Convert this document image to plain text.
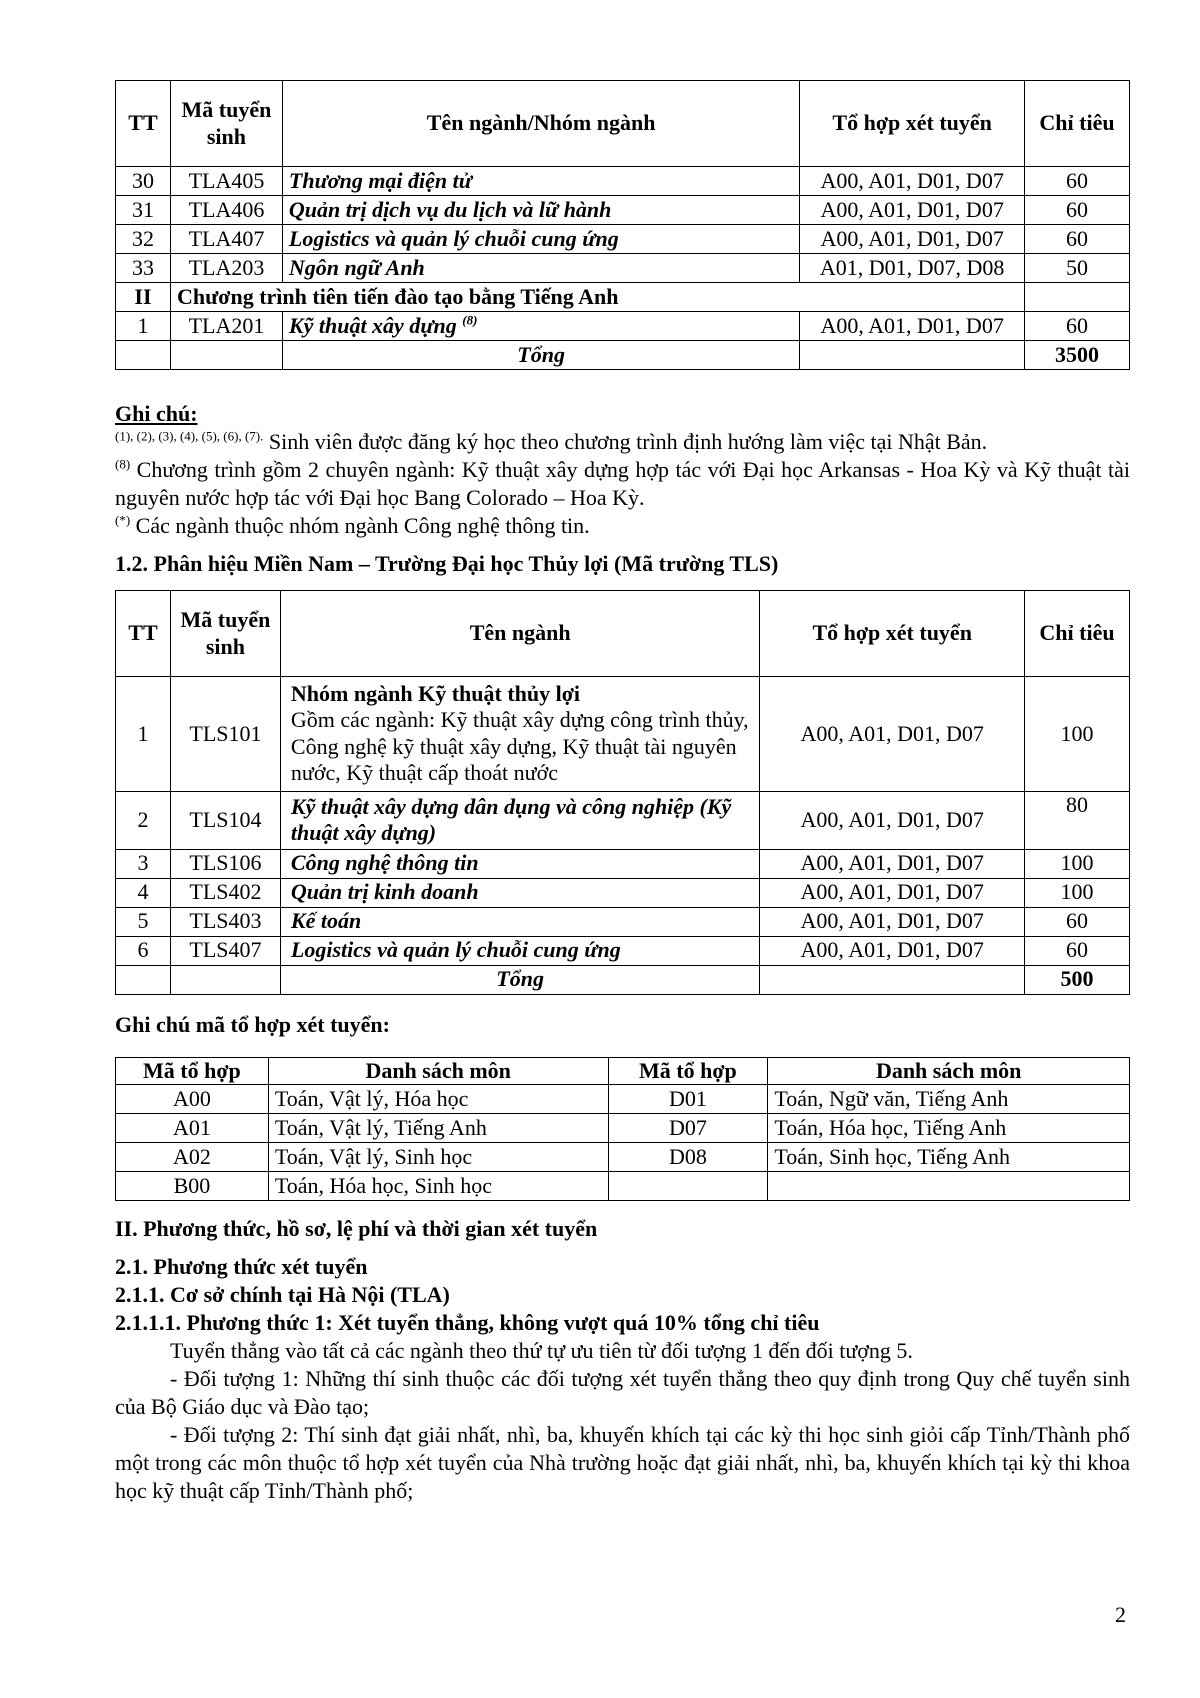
TT	Mã tuyển sinh	Tên ngành/Nhóm ngành	Tổ hợp xét tuyển	Chỉ tiêu
30	TLA405	Thương mại điện tử	A00, A01, D01, D07	60
31	TLA406	Quản trị dịch vụ du lịch và lữ hành	A00, A01, D01, D07	60
32	TLA407	Logistics và quản lý chuỗi cung ứng	A00, A01, D01, D07	60
33	TLA203	Ngôn ngữ Anh	A01, D01, D07, D08	50
II	Chương trình tiên tiến đào tạo bằng Tiếng Anh			
1	TLA201	Kỹ thuật xây dựng $^{(8)}$	A00, A01, D01, D07	60
		Tổng		3500

Ghi chú:

$^{(1), (2), (3), (4), (5), (6), (7).}$ Sinh viên được đăng ký học theo chương trình định hướng làm việc tại Nhật Bản.

$^{(8)}$ Chương trình gồm 2 chuyên ngành: Kỹ thuật xây dựng hợp tác với Đại học Arkansas - Hoa Kỳ và Kỹ thuật tài nguyên nước hợp tác với Đại học Bang Colorado – Hoa Kỳ.

(*) Các ngành thuộc nhóm ngành Công nghệ thông tin.

1.2. Phân hiệu Miền Nam – Trường Đại học Thủy lợi (Mã trường TLS)

TT	Mã tuyển sinh	Tên ngành	Tổ hợp xét tuyển	Chỉ tiêu
1	TLS101	Nhóm ngành Kỹ thuật thủy lợi
Gồm các ngành: Kỹ thuật xây dựng công trình thủy, Công nghệ kỹ thuật xây dựng, Kỹ thuật tài nguyên nước, Kỹ thuật cấp thoát nước	A00, A01, D01, D07	100
2	TLS104	Kỹ thuật xây dựng dân dụng và công nghiệp (Kỹ thuật xây dựng)	A00, A01, D01, D07	80
3	TLS106	Công nghệ thông tin	A00, A01, D01, D07	100
4	TLS402	Quản trị kinh doanh	A00, A01, D01, D07	100
5	TLS403	Kế toán	A00, A01, D01, D07	60
6	TLS407	Logistics và quản lý chuỗi cung ứng	A00, A01, D01, D07	60
		Tổng		500

Ghi chú mã tổ hợp xét tuyển:

Mã tổ hợp	Danh sách môn	Mã tổ hợp	Danh sách môn
A00	Toán, Vật lý, Hóa học	D01	Toán, Ngữ văn, Tiếng Anh
A01	Toán, Vật lý, Tiếng Anh	D07	Toán, Hóa học, Tiếng Anh
A02	Toán, Vật lý, Sinh học	D08	Toán, Sinh học, Tiếng Anh
B00	Toán, Hóa học, Sinh học		

II. Phương thức, hồ sơ, lệ phí và thời gian xét tuyển

2.1. Phương thức xét tuyển

2.1.1. Cơ sở chính tại Hà Nội (TLA)

2.1.1.1. Phương thức 1: Xét tuyển thẳng, không vượt quá 10% tổng chỉ tiêu

Tuyển thẳng vào tất cả các ngành theo thứ tự ưu tiên từ đối tượng 1 đến đối tượng 5.

- Đối tượng 1: Những thí sinh thuộc các đối tượng xét tuyển thẳng theo quy định trong Quy chế tuyển sinh của Bộ Giáo dục và Đào tạo;

- Đối tượng 2: Thí sinh đạt giải nhất, nhì, ba, khuyến khích tại các kỳ thi học sinh giỏi cấp Tỉnh/Thành phố một trong các môn thuộc tổ hợp xét tuyển của Nhà trường hoặc đạt giải nhất, nhì, ba, khuyến khích tại kỳ thi khoa học kỹ thuật cấp Tỉnh/Thành phố;

2
